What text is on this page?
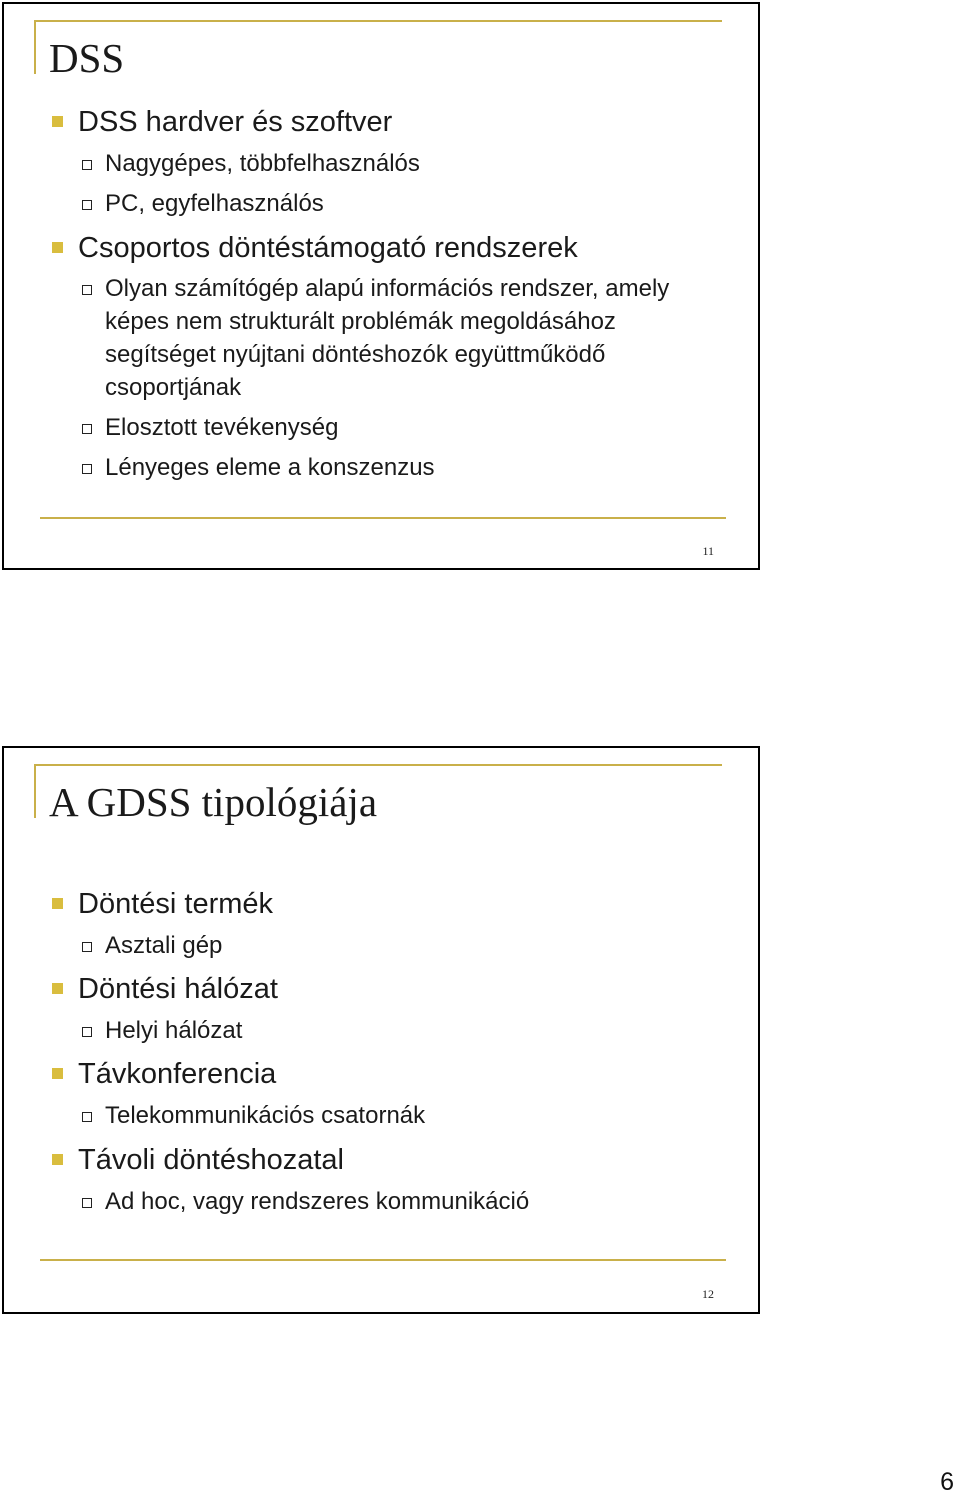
DSS
DSS hardver és szoftver
Nagygépes, többfelhasználós
PC, egyfelhasználós
Csoportos döntéstámogató rendszerek
Olyan számítógép alapú információs rendszer, amely képes nem strukturált problémák megoldásához segítséget nyújtani döntéshozók együttműködő csoportjának
Elosztott tevékenység
Lényeges eleme a konszenzus
11
A GDSS tipológiája
Döntési termék
Asztali gép
Döntési hálózat
Helyi hálózat
Távkonferencia
Telekommunikációs csatornák
Távoli döntéshozatal
Ad hoc, vagy rendszeres kommunikáció
12
6
